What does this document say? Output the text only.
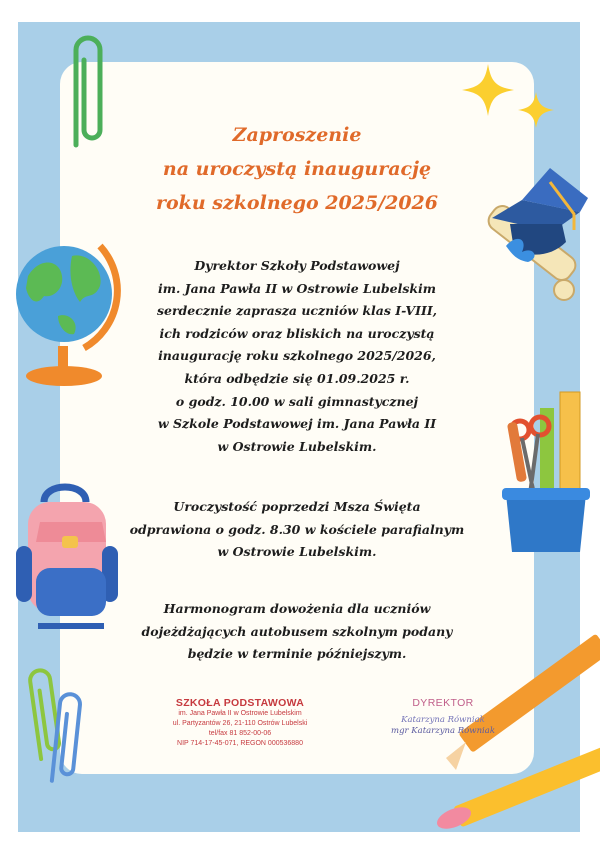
Zaproszenie
na uroczystą inaugurację
roku szkolnego 2025/2026
Dyrektor Szkoły Podstawowej
im. Jana Pawła II w Ostrowie Lubelskim
serdecznie zaprasza uczniów klas I-VIII,
ich rodziców oraz bliskich na uroczystą
inaugurację roku szkolnego 2025/2026,
która odbędzie się 01.09.2025 r.
o godz. 10.00 w sali gimnastycznej
w Szkole Podstawowej im. Jana Pawła II
w Ostrowie Lubelskim.
Uroczystość poprzedzi Msza Święta
odprawiona o godz. 8.30 w kościele parafialnym
w Ostrowie Lubelskim.
Harmonogram dowożenia dla uczniów
dojeżdżających autobusem szkolnym podany
będzie w terminie późniejszym.
SZKOŁA PODSTAWOWA
im. Jana Pawła II w Ostrowie Lubelskim
ul. Partyzantów 26, 21-110 Ostrów Lubelski
tel/fax 81 852-00-06
NIP 714-17-45-071, REGON 000536880
DYREKTOR
Katarzyna Równiak
mgr Katarzyna Równiak
